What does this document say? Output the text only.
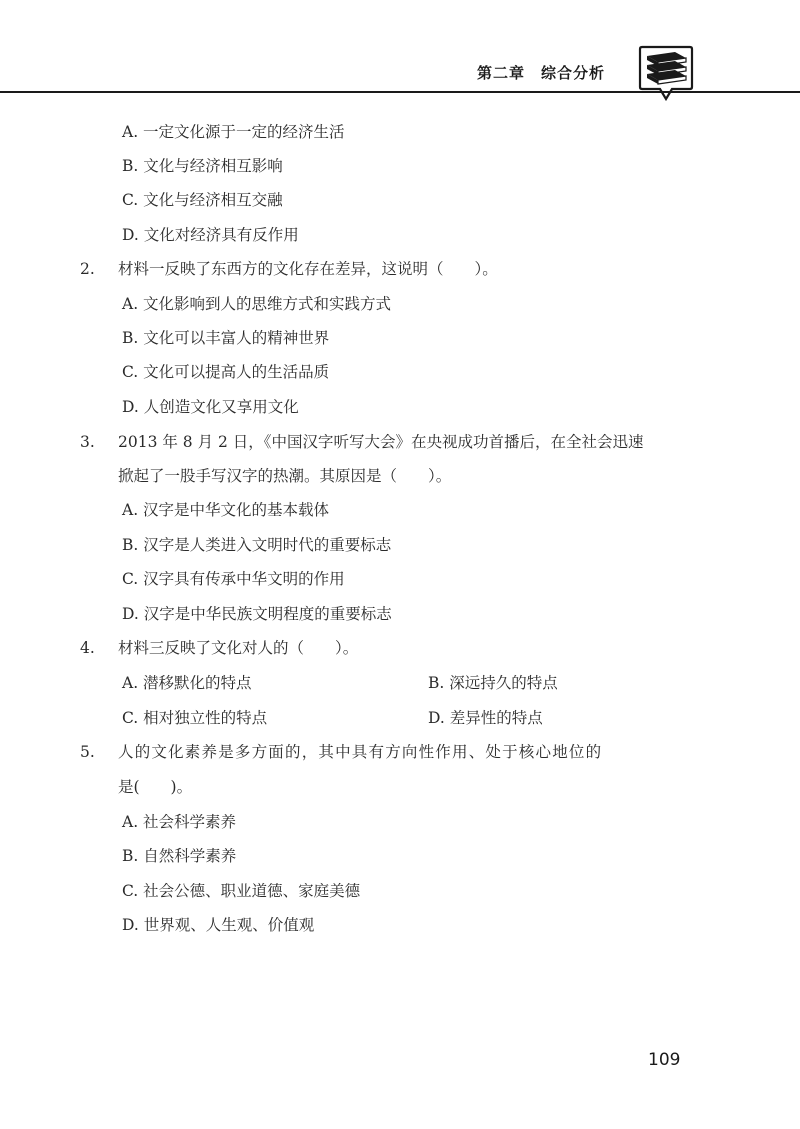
第二章　 综合分析
A. 一定文化源于一定的经济生活
B. 文化与经济相互影响
C. 文化与经济相互交融
D. 文化对经济具有反作用
2. 材料一反映了东西方的文化存在差异，这说明（　　）。
A. 文化影响到人的思维方式和实践方式
B. 文化可以丰富人的精神世界
C. 文化可以提高人的生活品质
D. 人创造文化又享用文化
3. 2013 年 8 月 2 日，《中国汉字听写大会》在央视成功首播后，在全社会迅速
掀起了一股手写汉字的热潮。其原因是（　　）。
A. 汉字是中华文化的基本载体
B. 汉字是人类进入文明时代的重要标志
C. 汉字具有传承中华文明的作用
D. 汉字是中华民族文明程度的重要标志
4. 材料三反映了文化对人的（　　）。
A. 潜移默化的特点	B. 深远持久的特点
C. 相对独立性的特点	D. 差异性的特点
5. 人的文化素养是多方面的，其中具有方向性作用、处于核心地位的
是(　　)。
A. 社会科学素养
B. 自然科学素养
C. 社会公德、职业道德、家庭美德
D. 世界观、人生观、价值观
109
